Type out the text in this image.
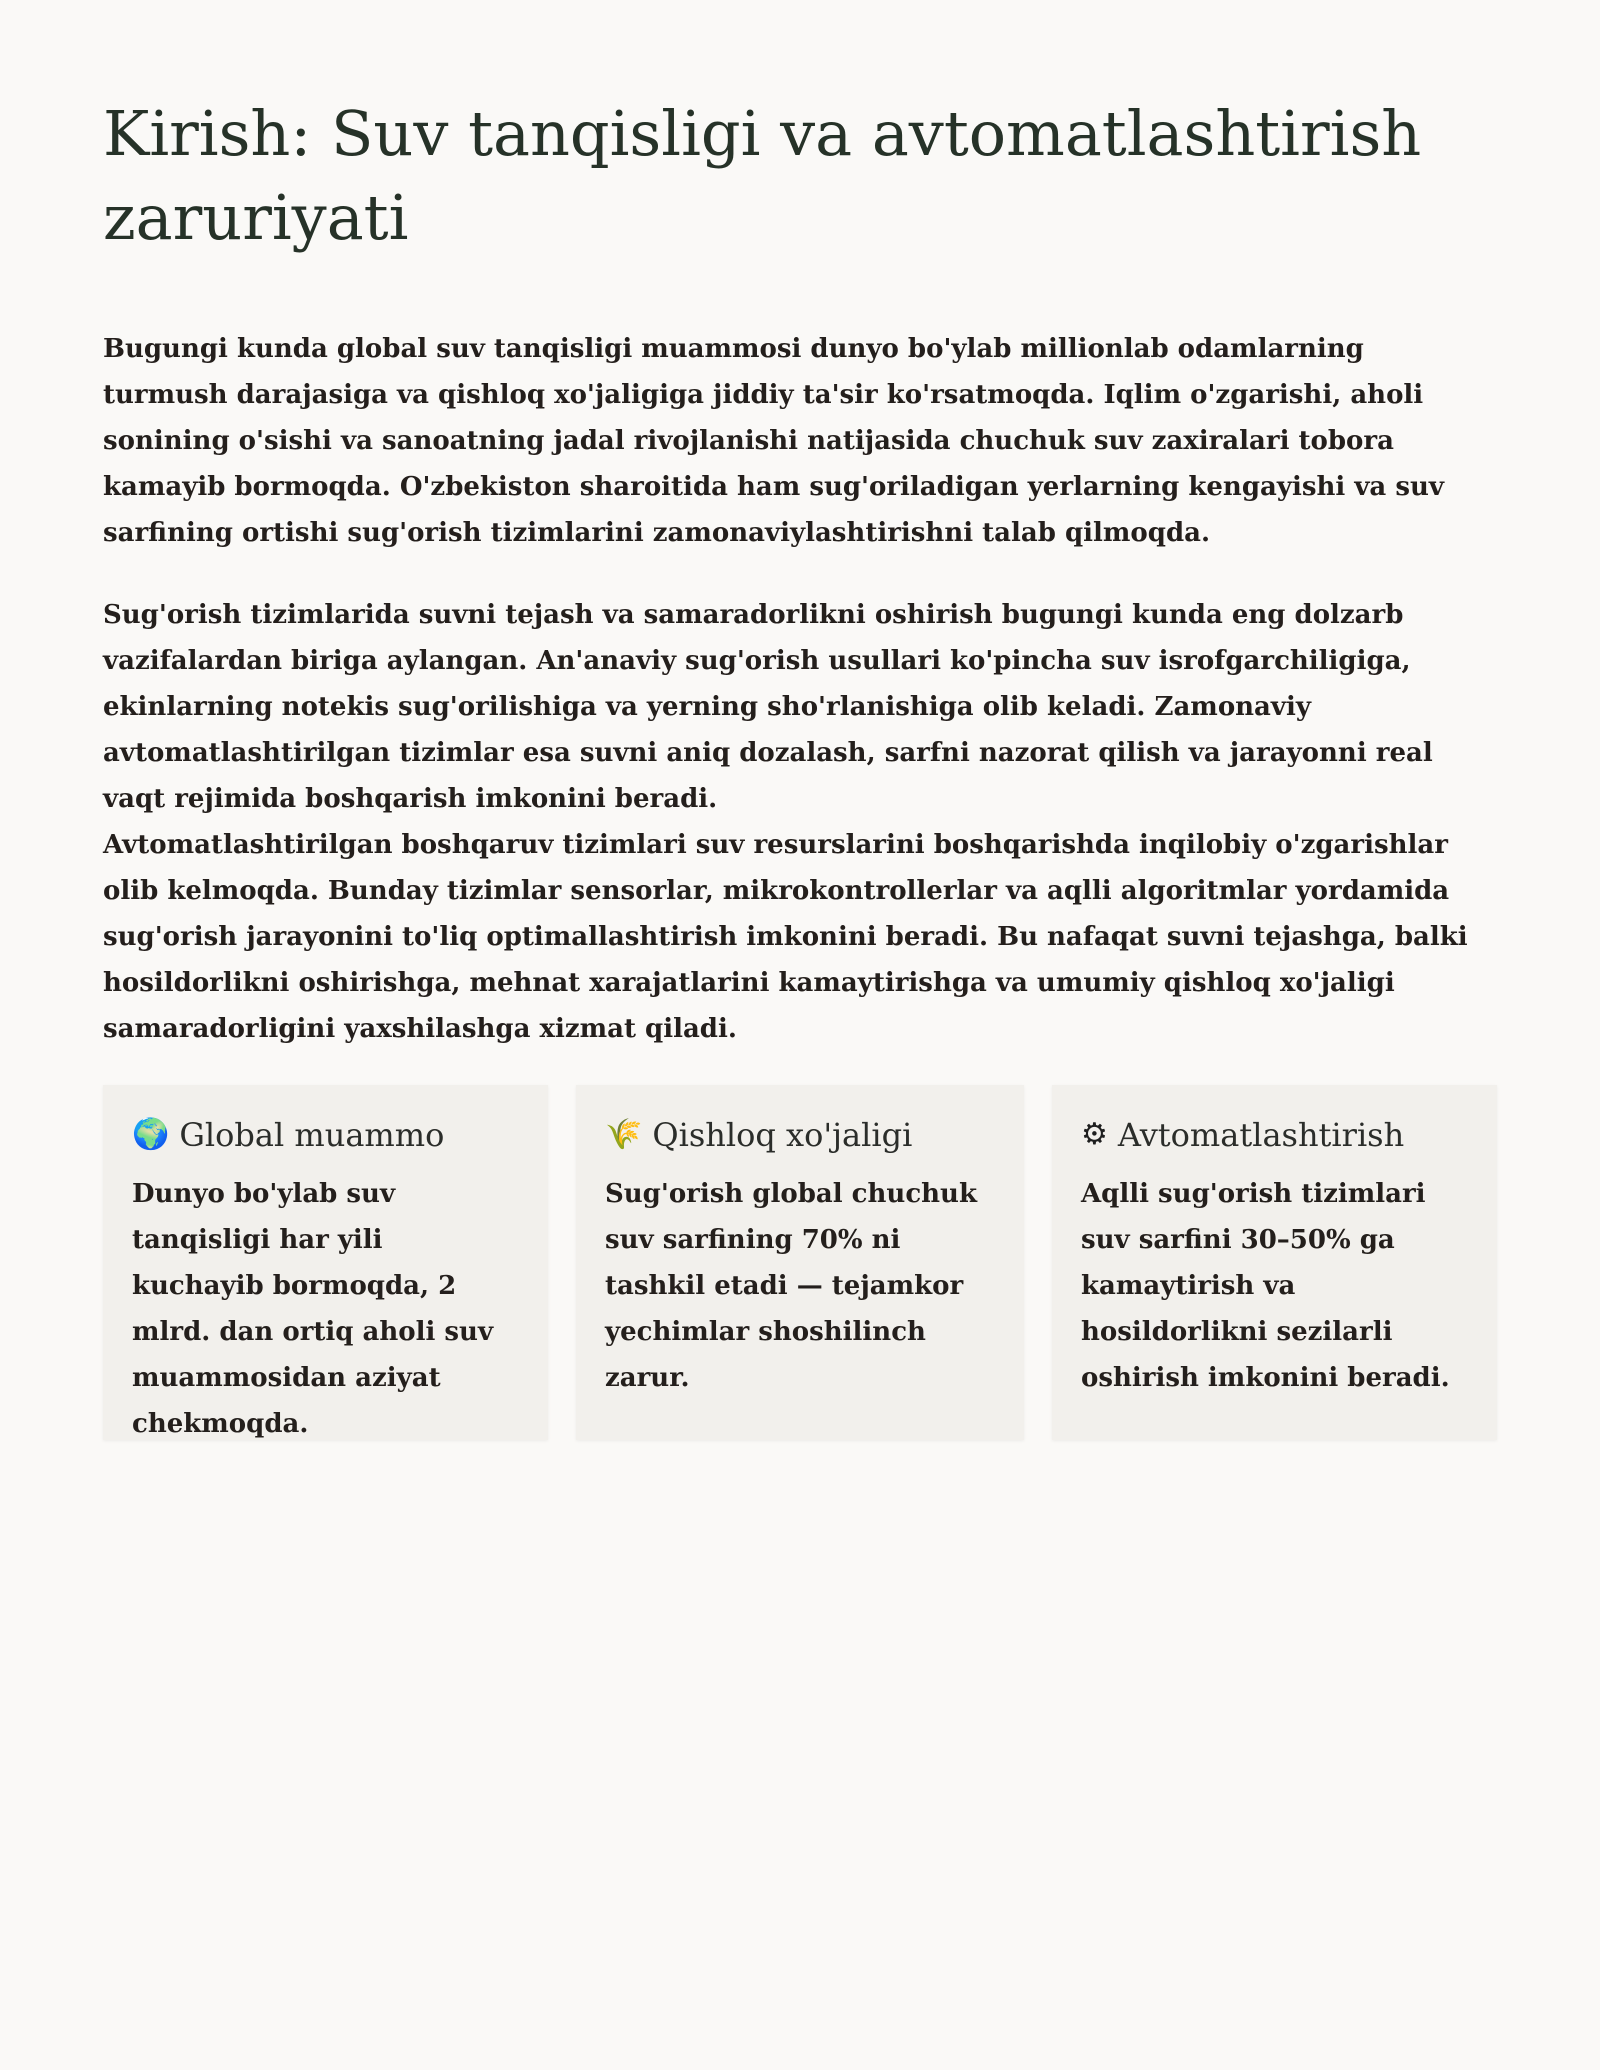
Kirish: Suv tanqisligi va avtomatlashtirish zaruriyati

Bugungi kunda global suv tanqisligi muammosi dunyo bo'ylab millionlab odamlarning turmush darajasiga va qishloq xo'jaligiga jiddiy ta'sir ko'rsatmoqda. Iqlim o'zgarishi, aholi sonining o'sishi va sanoatning jadal rivojlanishi natijasida chuchuk suv zaxiralari tobora kamayib bormoqda. O'zbekiston sharoitida ham sug'oriladigan yerlarning kengayishi va suv sarfining ortishi sug'orish tizimlarini zamonaviylashtirishni talab qilmoqda.

Sug'orish tizimlarida suvni tejash va samaradorlikni oshirish bugungi kunda eng dolzarb vazifalardan biriga aylangan. An'anaviy sug'orish usullari ko'pincha suv isrofgarchiligiga, ekinlarning notekis sug'orilishiga va yerning sho'rlanishiga olib keladi. Zamonaviy avtomatlashtirilgan tizimlar esa suvni aniq dozalash, sarfni nazorat qilish va jarayonni real vaqt rejimida boshqarish imkonini beradi.

Avtomatlashtirilgan boshqaruv tizimlari suv resurslarini boshqarishda inqilobiy o'zgarishlar olib kelmoqda. Bunday tizimlar sensorlar, mikrokontrollerlar va aqlli algoritmlar yordamida sug'orish jarayonini to'liq optimallashtirish imkonini beradi. Bu nafaqat suvni tejashga, balki hosildorlikni oshirishga, mehnat xarajatlarini kamaytirishga va umumiy qishloq xo'jaligi samaradorligini yaxshilashga xizmat qiladi.

🌍 Global muammo

Dunyo bo'ylab suv tanqisligi har yili kuchayib bormoqda, 2 mlrd. dan ortiq aholi suv muammosidan aziyat chekmoqda.

🌾 Qishloq xo'jaligi

Sug'orish global chuchuk suv sarfining 70% ni tashkil etadi — tejamkor yechimlar shoshilinch zarur.

⚙ Avtomatlashtirish

Aqlli sug'orish tizimlari suv sarfini 30–50% ga kamaytirish va hosildorlikni sezilarli oshirish imkonini beradi.
